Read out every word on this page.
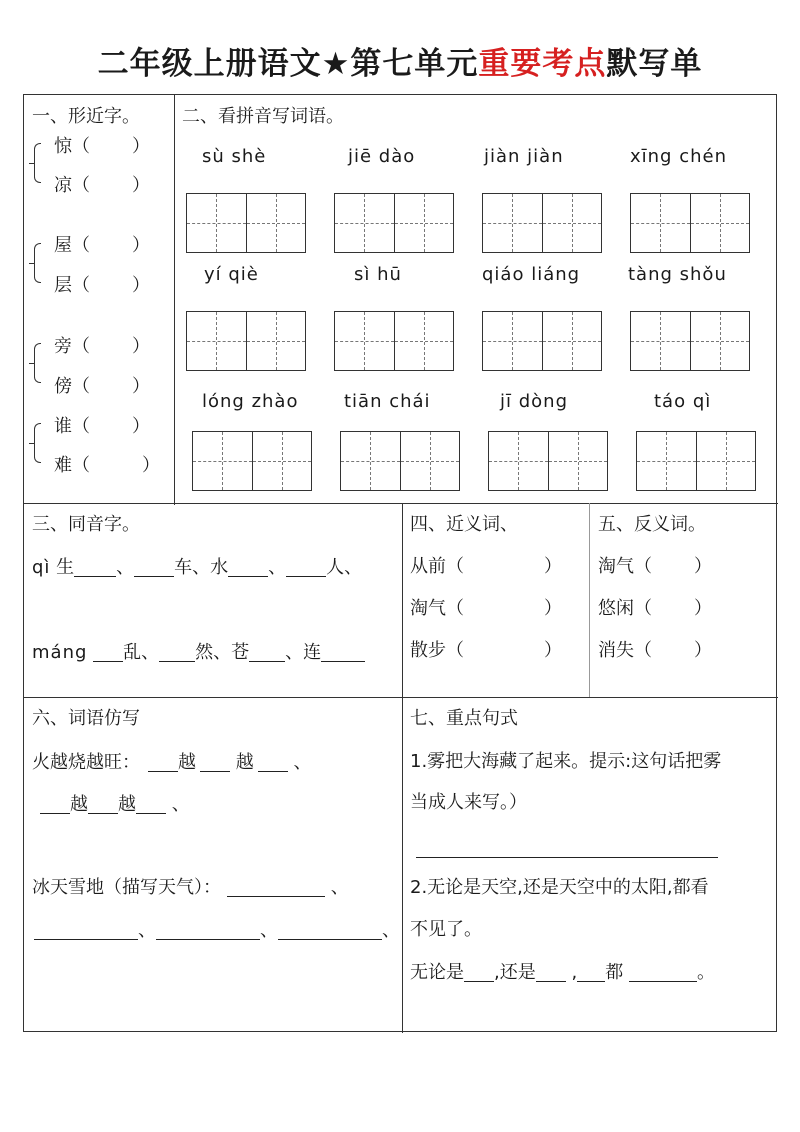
二年级上册语文★第七单元重要考点默写单
一、形近字。
惊（ ）
凉（ ）
屋（ ）
层（ ）
旁（ ）
傍（ ）
谁（ ）
难（	）
二、看拼音写词语。
sù shè	jiē dào	jiàn jiàn	xīng chén
yí qiè	sì hū	qiáo liáng	tàng shǒu
lóng zhào	tiān chái	jī dòng	táo qì
三、同音字。
qì 生 、 车、水 、 人、
máng 乱、 然、苍 、连
四、近义词、
从前（	）
淘气（	）
散步（	）
五、反义词。
淘气（ ）
悠闲（ ）
消失（ ）
六、词语仿写
火越烧越旺： 越 越 、
越 越 、
冰天雪地（描写天气）：	、
、	、	、
七、重点句式
1.雾把大海藏了起来。提示:这句话把雾
当成人来写。）
2.无论是天空,还是天空中的太阳,都看
不见了。
无论是 ,还是 , 都	。
